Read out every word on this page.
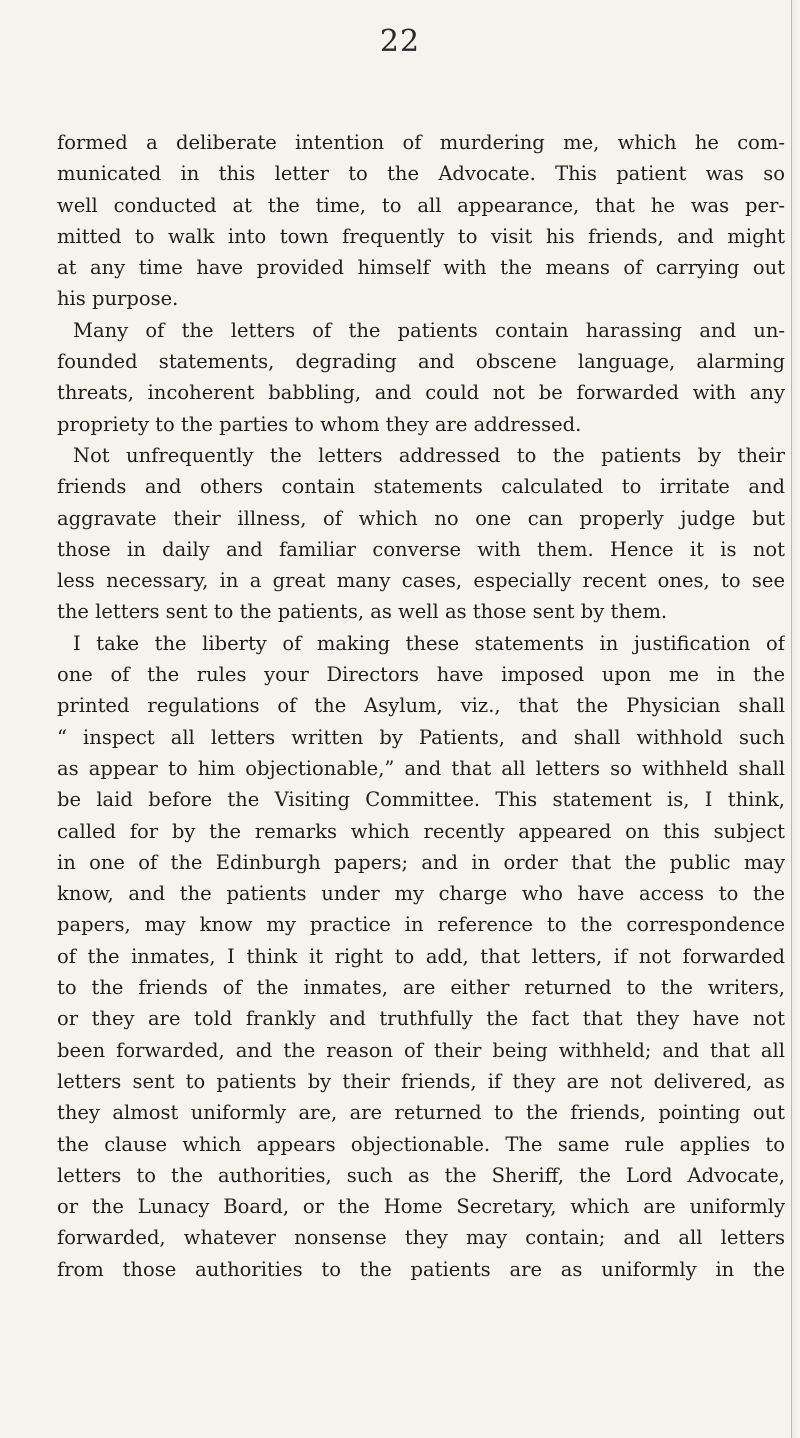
22
formed a deliberate intention of murdering me, which he com-
municated in this letter to the Advocate. This patient was so
well conducted at the time, to all appearance, that he was per-
mitted to walk into town frequently to visit his friends, and might
at any time have provided himself with the means of carrying out
his purpose.
Many of the letters of the patients contain harassing and un-
founded statements, degrading and obscene language, alarming
threats, incoherent babbling, and could not be forwarded with any
propriety to the parties to whom they are addressed.
Not unfrequently the letters addressed to the patients by their
friends and others contain statements calculated to irritate and
aggravate their illness, of which no one can properly judge but
those in daily and familiar converse with them. Hence it is not
less necessary, in a great many cases, especially recent ones, to see
the letters sent to the patients, as well as those sent by them.
I take the liberty of making these statements in justification of
one of the rules your Directors have imposed upon me in the
printed regulations of the Asylum, viz., that the Physician shall
“ inspect all letters written by Patients, and shall withhold such
as appear to him objectionable,” and that all letters so withheld shall
be laid before the Visiting Committee. This statement is, I think,
called for by the remarks which recently appeared on this subject
in one of the Edinburgh papers; and in order that the public may
know, and the patients under my charge who have access to the
papers, may know my practice in reference to the correspondence
of the inmates, I think it right to add, that letters, if not forwarded
to the friends of the inmates, are either returned to the writers,
or they are told frankly and truthfully the fact that they have not
been forwarded, and the reason of their being withheld; and that all
letters sent to patients by their friends, if they are not delivered, as
they almost uniformly are, are returned to the friends, pointing out
the clause which appears objectionable. The same rule applies to
letters to the authorities, such as the Sheriff, the Lord Advocate,
or the Lunacy Board, or the Home Secretary, which are uniformly
forwarded, whatever nonsense they may contain; and all letters
from those authorities to the patients are as uniformly in the
